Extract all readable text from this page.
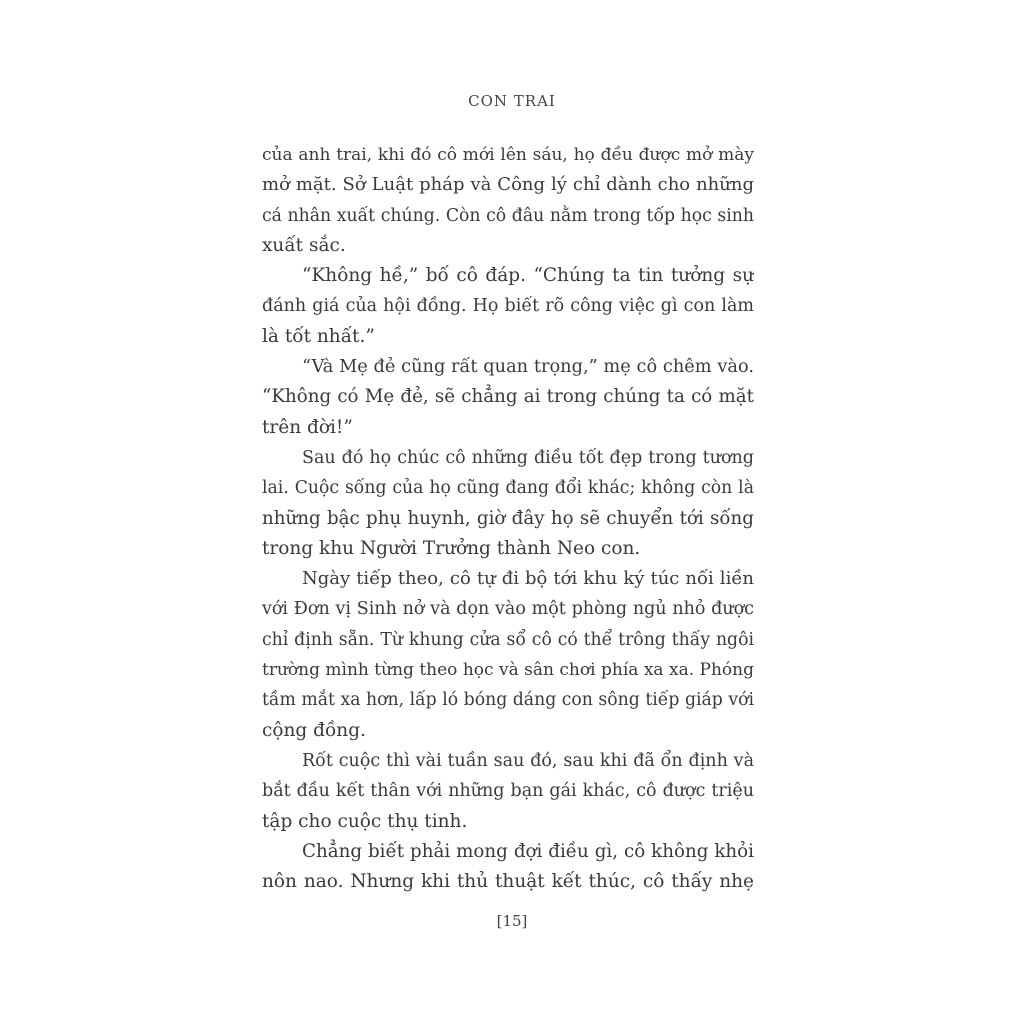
CON TRAI
của anh trai, khi đó cô mới lên sáu, họ đều được mở mày
mở mặt. Sở Luật pháp và Công lý chỉ dành cho những
cá nhân xuất chúng. Còn cô đâu nằm trong tốp học sinh
xuất sắc.
“Không hề,” bố cô đáp. “Chúng ta tin tưởng sự
đánh giá của hội đồng. Họ biết rõ công việc gì con làm
là tốt nhất.”
“Và Mẹ đẻ cũng rất quan trọng,” mẹ cô chêm vào.
“Không có Mẹ đẻ, sẽ chẳng ai trong chúng ta có mặt
trên đời!”
Sau đó họ chúc cô những điều tốt đẹp trong tương
lai. Cuộc sống của họ cũng đang đổi khác; không còn là
những bậc phụ huynh, giờ đây họ sẽ chuyển tới sống
trong khu Người Trưởng thành Neo con.
Ngày tiếp theo, cô tự đi bộ tới khu ký túc nối liền
với Đơn vị Sinh nở và dọn vào một phòng ngủ nhỏ được
chỉ định sẵn. Từ khung cửa sổ cô có thể trông thấy ngôi
trường mình từng theo học và sân chơi phía xa xa. Phóng
tầm mắt xa hơn, lấp ló bóng dáng con sông tiếp giáp với
cộng đồng.
Rốt cuộc thì vài tuần sau đó, sau khi đã ổn định và
bắt đầu kết thân với những bạn gái khác, cô được triệu
tập cho cuộc thụ tinh.
Chẳng biết phải mong đợi điều gì, cô không khỏi
nôn nao. Nhưng khi thủ thuật kết thúc, cô thấy nhẹ
[15]
